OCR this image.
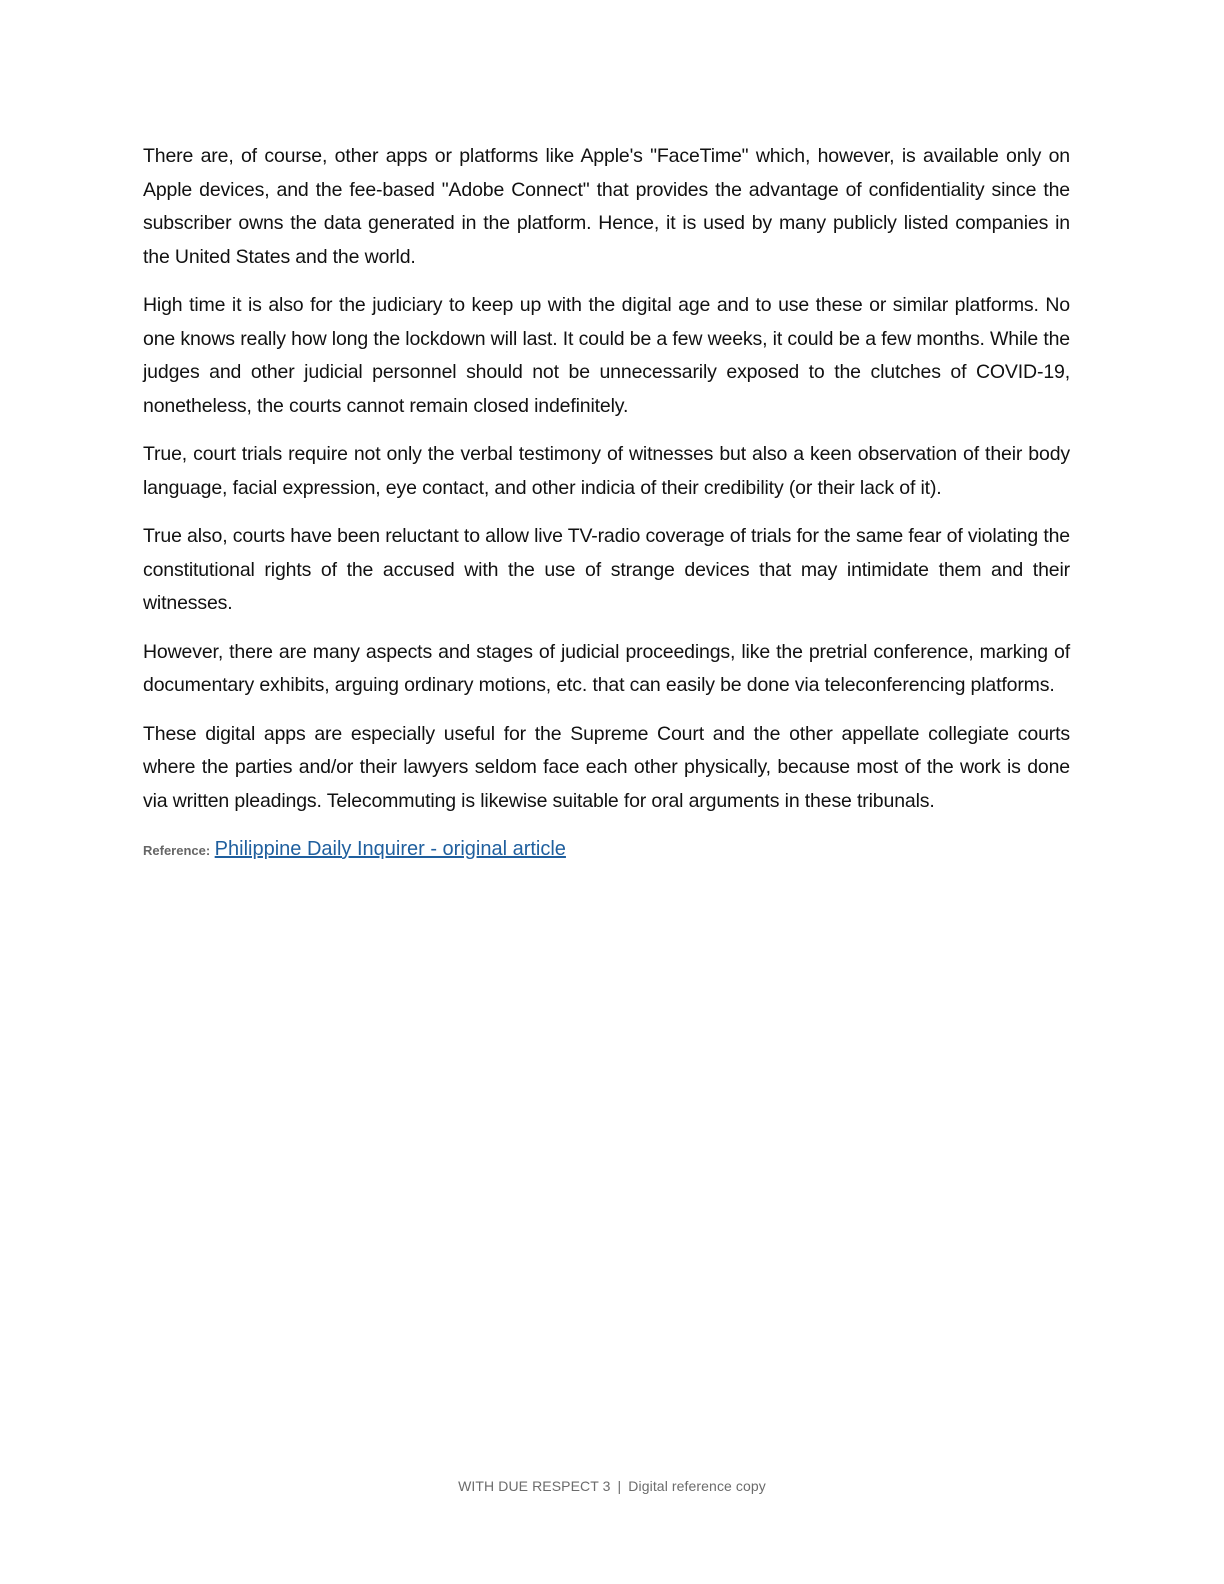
There are, of course, other apps or platforms like Apple's "FaceTime" which, however, is available only on Apple devices, and the fee-based "Adobe Connect" that provides the advantage of confidentiality since the subscriber owns the data generated in the platform. Hence, it is used by many publicly listed companies in the United States and the world.

High time it is also for the judiciary to keep up with the digital age and to use these or similar platforms. No one knows really how long the lockdown will last. It could be a few weeks, it could be a few months. While the judges and other judicial personnel should not be unnecessarily exposed to the clutches of COVID-19, nonetheless, the courts cannot remain closed indefinitely.

True, court trials require not only the verbal testimony of witnesses but also a keen observation of their body language, facial expression, eye contact, and other indicia of their credibility (or their lack of it).

True also, courts have been reluctant to allow live TV-radio coverage of trials for the same fear of violating the constitutional rights of the accused with the use of strange devices that may intimidate them and their witnesses.

However, there are many aspects and stages of judicial proceedings, like the pretrial conference, marking of documentary exhibits, arguing ordinary motions, etc. that can easily be done via teleconferencing platforms.

These digital apps are especially useful for the Supreme Court and the other appellate collegiate courts where the parties and/or their lawyers seldom face each other physically, because most of the work is done via written pleadings. Telecommuting is likewise suitable for oral arguments in these tribunals.

Reference: Philippine Daily Inquirer - original article

WITH DUE RESPECT 3 | Digital reference copy
